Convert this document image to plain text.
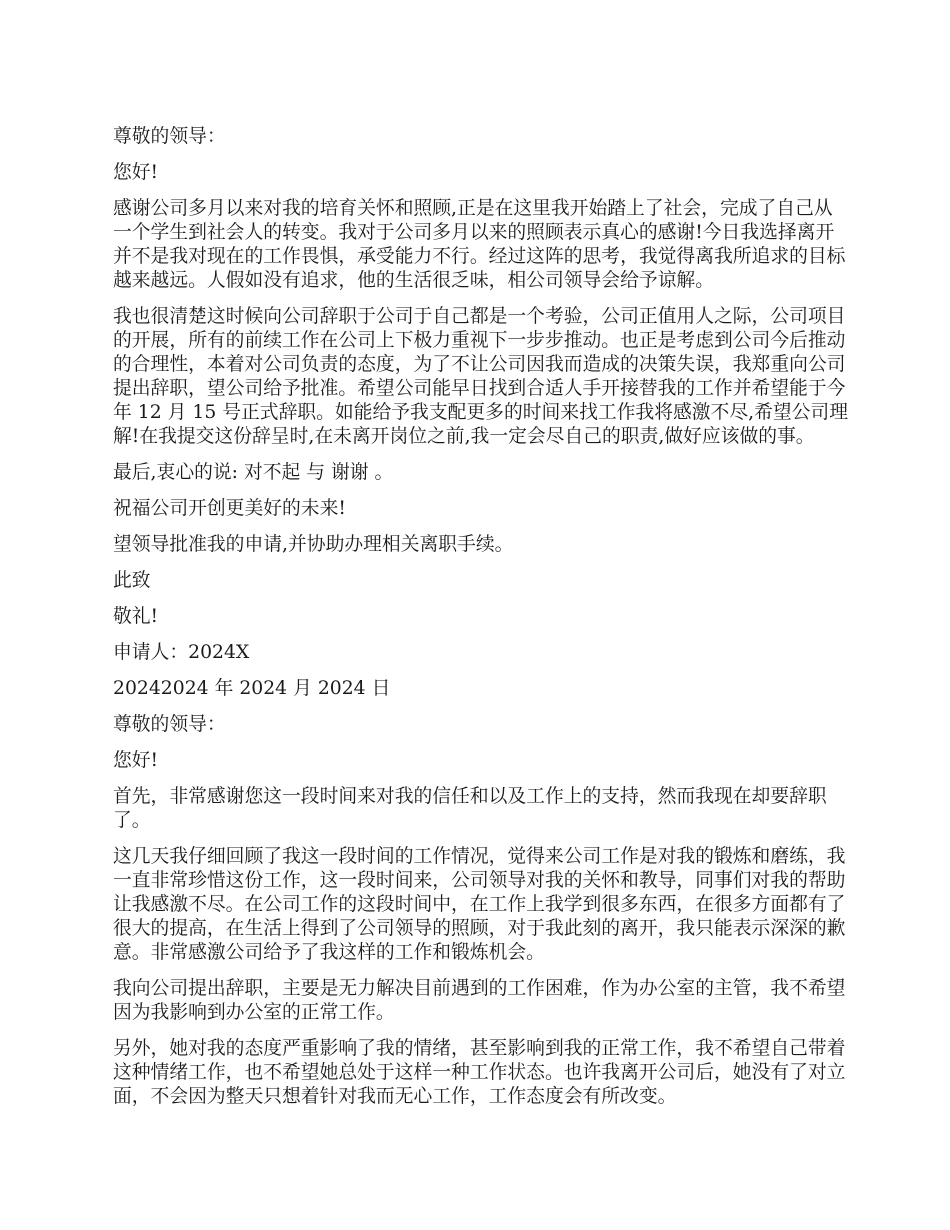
尊敬的领导：

您好!

感谢公司多月以来对我的培育关怀和照顾,正是在这里我开始踏上了社会，完成了自己从
一个学生到社会人的转变。我对于公司多月以来的照顾表示真心的感谢!今日我选择离开
并不是我对现在的工作畏惧，承受能力不行。经过这阵的思考，我觉得离我所追求的目标
越来越远。人假如没有追求，他的生活很乏味，相公司领导会给予谅解。

我也很清楚这时候向公司辞职于公司于自己都是一个考验，公司正值用人之际，公司项目
的开展，所有的前续工作在公司上下极力重视下一步步推动。也正是考虑到公司今后推动
的合理性，本着对公司负责的态度，为了不让公司因我而造成的决策失误，我郑重向公司
提出辞职，望公司给予批准。希望公司能早日找到合适人手开接替我的工作并希望能于今
年 12 月 15 号正式辞职。如能给予我支配更多的时间来找工作我将感激不尽,希望公司理
解!在我提交这份辞呈时,在未离开岗位之前,我一定会尽自己的职责,做好应该做的事。

最后,衷心的说: 对不起 与 谢谢 。

祝福公司开创更美好的未来!

望领导批准我的申请,并协助办理相关离职手续。

此致

敬礼!

申请人：2024X

20242024 年 2024 月 2024 日

尊敬的领导：

您好!

首先，非常感谢您这一段时间来对我的信任和以及工作上的支持，然而我现在却要辞职
了。

这几天我仔细回顾了我这一段时间的工作情况，觉得来公司工作是对我的锻炼和磨练，我
一直非常珍惜这份工作，这一段时间来，公司领导对我的关怀和教导，同事们对我的帮助
让我感激不尽。在公司工作的这段时间中，在工作上我学到很多东西，在很多方面都有了
很大的提高，在生活上得到了公司领导的照顾，对于我此刻的离开，我只能表示深深的歉
意。非常感激公司给予了我这样的工作和锻炼机会。

我向公司提出辞职，主要是无力解决目前遇到的工作困难，作为办公室的主管，我不希望
因为我影响到办公室的正常工作。

另外，她对我的态度严重影响了我的情绪，甚至影响到我的正常工作，我不希望自己带着
这种情绪工作，也不希望她总处于这样一种工作状态。也许我离开公司后，她没有了对立
面，不会因为整天只想着针对我而无心工作，工作态度会有所改变。
